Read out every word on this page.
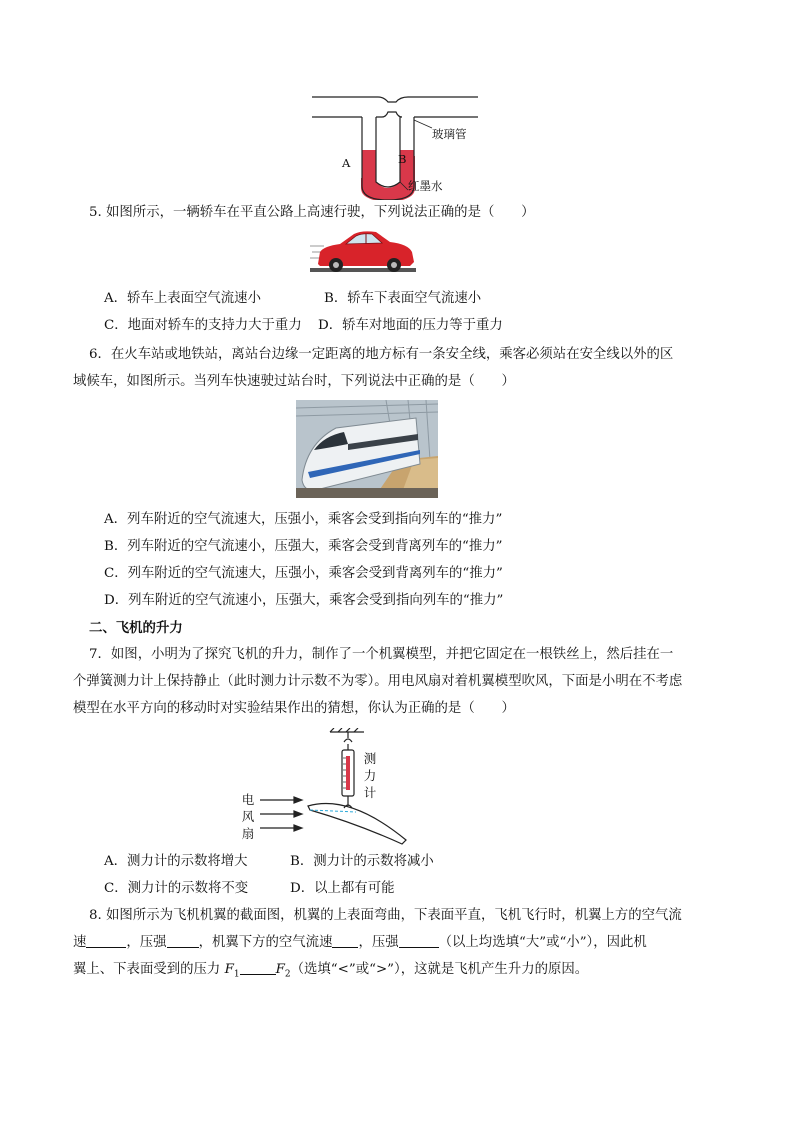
玻璃管
A	B
红墨水
5. 如图所示，一辆轿车在平直公路上高速行驶，下列说法正确的是（　　）
A．轿车上表面空气流速小	B．轿车下表面空气流速小
C．地面对轿车的支持力大于重力 D．轿车对地面的压力等于重力
6．在火车站或地铁站，离站台边缘一定距离的地方标有一条安全线，乘客必须站在安全线以外的区
域候车，如图所示。当列车快速驶过站台时，下列说法中正确的是（　　）
A．列车附近的空气流速大，压强小，乘客会受到指向列车的“推力”
B．列车附近的空气流速小，压强大，乘客会受到背离列车的“推力”
C．列车附近的空气流速大，压强小，乘客会受到背离列车的“推力”
D．列车附近的空气流速小，压强大，乘客会受到指向列车的“推力”
二、飞机的升力
7．如图，小明为了探究飞机的升力，制作了一个机翼模型，并把它固定在一根铁丝上，然后挂在一
个弹簧测力计上保持静止（此时测力计示数不为零）。用电风扇对着机翼模型吹风，下面是小明在不考虑
模型在水平方向的移动时对实验结果作出的猜想，你认为正确的是（　　）
测力计
电风扇
A．测力计的示数将增大	B．测力计的示数将减小
C．测力计的示数将不变	D．以上都有可能
8. 如图所示为飞机机翼的截面图，机翼的上表面弯曲，下表面平直，飞机飞行时，机翼上方的空气流
速	，压强 ，机翼下方的空气流速 ，压强	（以上均选填“大”或“小”），因此机
翼上、下表面受到的压力 $F_1$	$F_2$（选填“<”或“>”），这就是飞机产生升力的原因。
